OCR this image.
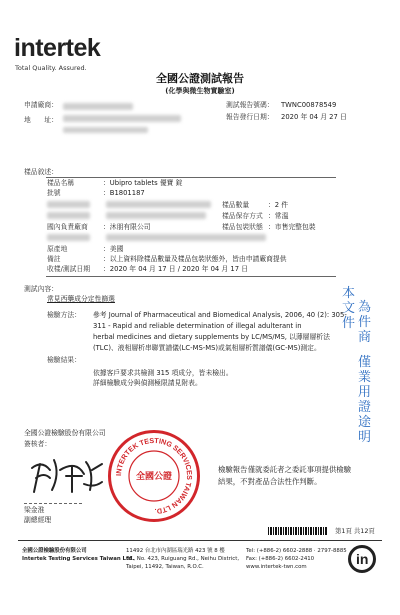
intertek
Total Quality. Assured.
全國公證測試報告
(化學與微生物實驗室)
申請廠商：
地　　址：
測試報告號碼： TWNC00878549
報告發行日期： 2020 年 04 月 27 日
樣品敘述：
樣品名稱	：Ubipro tablets 優寶 錠
批號	：B1801187
樣品數量	：2 件
樣品保存方式 ：常溫
國內負責廠商 ：沐朋有限公司	樣品包裝狀態 ：市售完整包裝
原產地	：美國
備註	：以上資料除樣品數量及樣品包裝狀態外，皆由申請廠商提供
收樣/測試日期 ：2020 年 04 月 17 日 / 2020 年 04 月 17 日
測試內容：
常見西藥成分定性篩選
檢驗方法： 參考 Journal of Pharmaceutical and Biomedical Analysis, 2006, 40 (2): 305-
311 - Rapid and reliable determination of illegal adulterant in
herbal medicines and dietary supplements by LC/MS/MS, 以薄層層析法
(TLC)、液相層析串聯質譜儀(LC-MS-MS)或氣相層析質譜儀(GC-MS)測定。
檢驗結果：
依據客戶要求共檢測 315 項成分，皆未檢出。
詳細檢驗成分與偵測極限請見附表。
本
文
件
為
件
商
僅
業
用
證
途
明
全國公證檢驗股份有限公司
簽核者：
梁金淮
副總經理
INTERTEK TESTING SERVICES TAIWAN LTD.
全國公證
檢驗報告僅就委託者之委託事項提供檢驗
結果，不對產品合法性作判斷。
第1頁 共12頁
全國公證檢驗股份有限公司
Intertek Testing Services Taiwan Ltd.
11492 台北市內湖區瑞光路 423 號 8 樓
8F., No. 423, Ruiguang Rd., Neihu District,
Taipei, 11492, Taiwan, R.O.C.
Tel: (+886-2) 6602-2888 · 2797-8885
Fax: (+886-2) 6602-2410
www.intertek-twn.com	in
